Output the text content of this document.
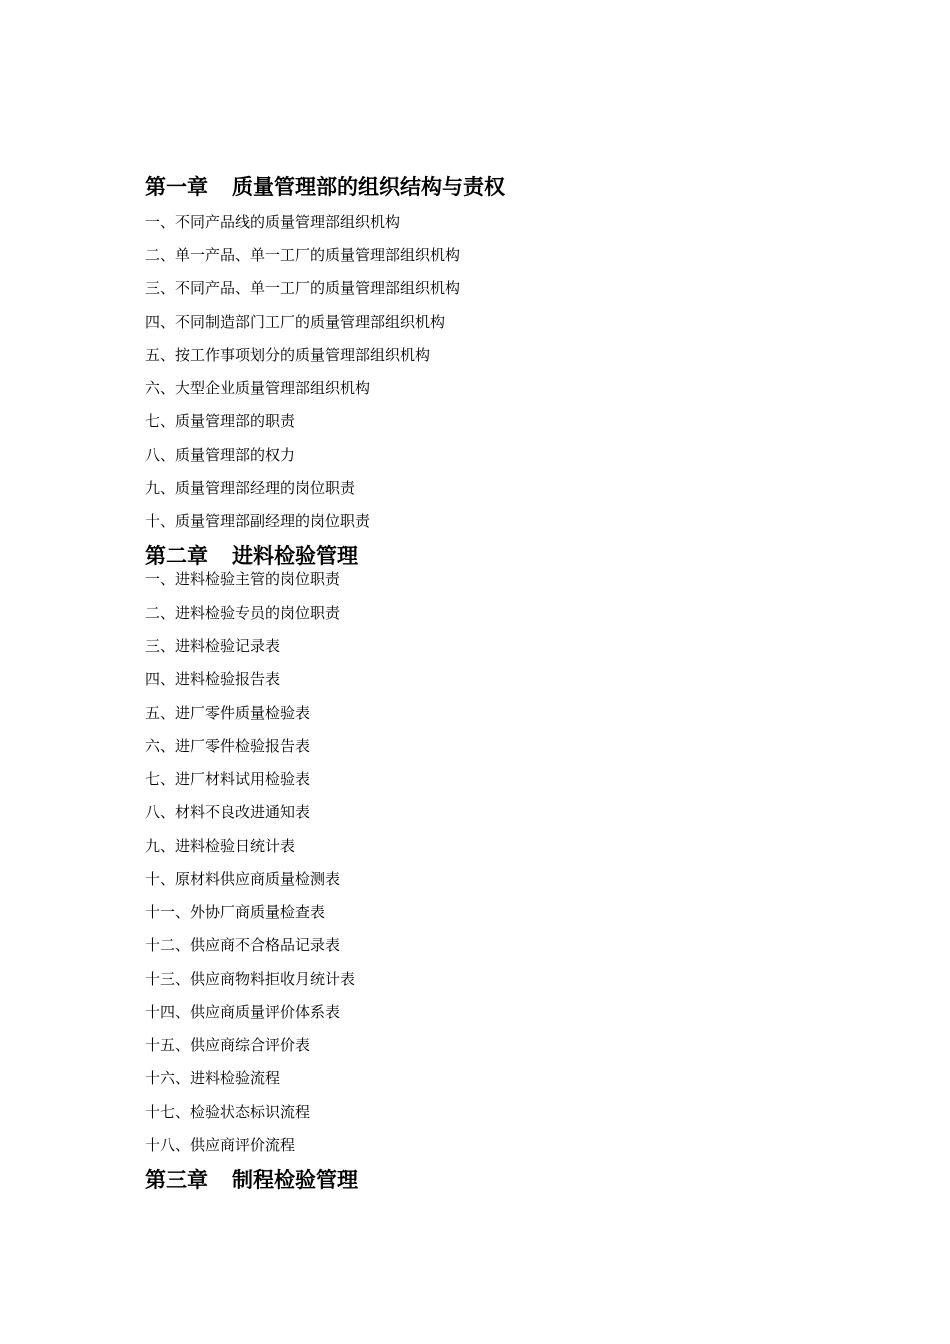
第一章 质量管理部的组织结构与责权
一、不同产品线的质量管理部组织机构
二、单一产品、单一工厂的质量管理部组织机构
三、不同产品、单一工厂的质量管理部组织机构
四、不同制造部门工厂的质量管理部组织机构
五、按工作事项划分的质量管理部组织机构
六、大型企业质量管理部组织机构
七、质量管理部的职责
八、质量管理部的权力
九、质量管理部经理的岗位职责
十、质量管理部副经理的岗位职责
第二章 进料检验管理
一、进料检验主管的岗位职责
二、进料检验专员的岗位职责
三、进料检验记录表
四、进料检验报告表
五、进厂零件质量检验表
六、进厂零件检验报告表
七、进厂材料试用检验表
八、材料不良改进通知表
九、进料检验日统计表
十、原材料供应商质量检测表
十一、外协厂商质量检查表
十二、供应商不合格品记录表
十三、供应商物料拒收月统计表
十四、供应商质量评价体系表
十五、供应商综合评价表
十六、进料检验流程
十七、检验状态标识流程
十八、供应商评价流程
第三章 制程检验管理
